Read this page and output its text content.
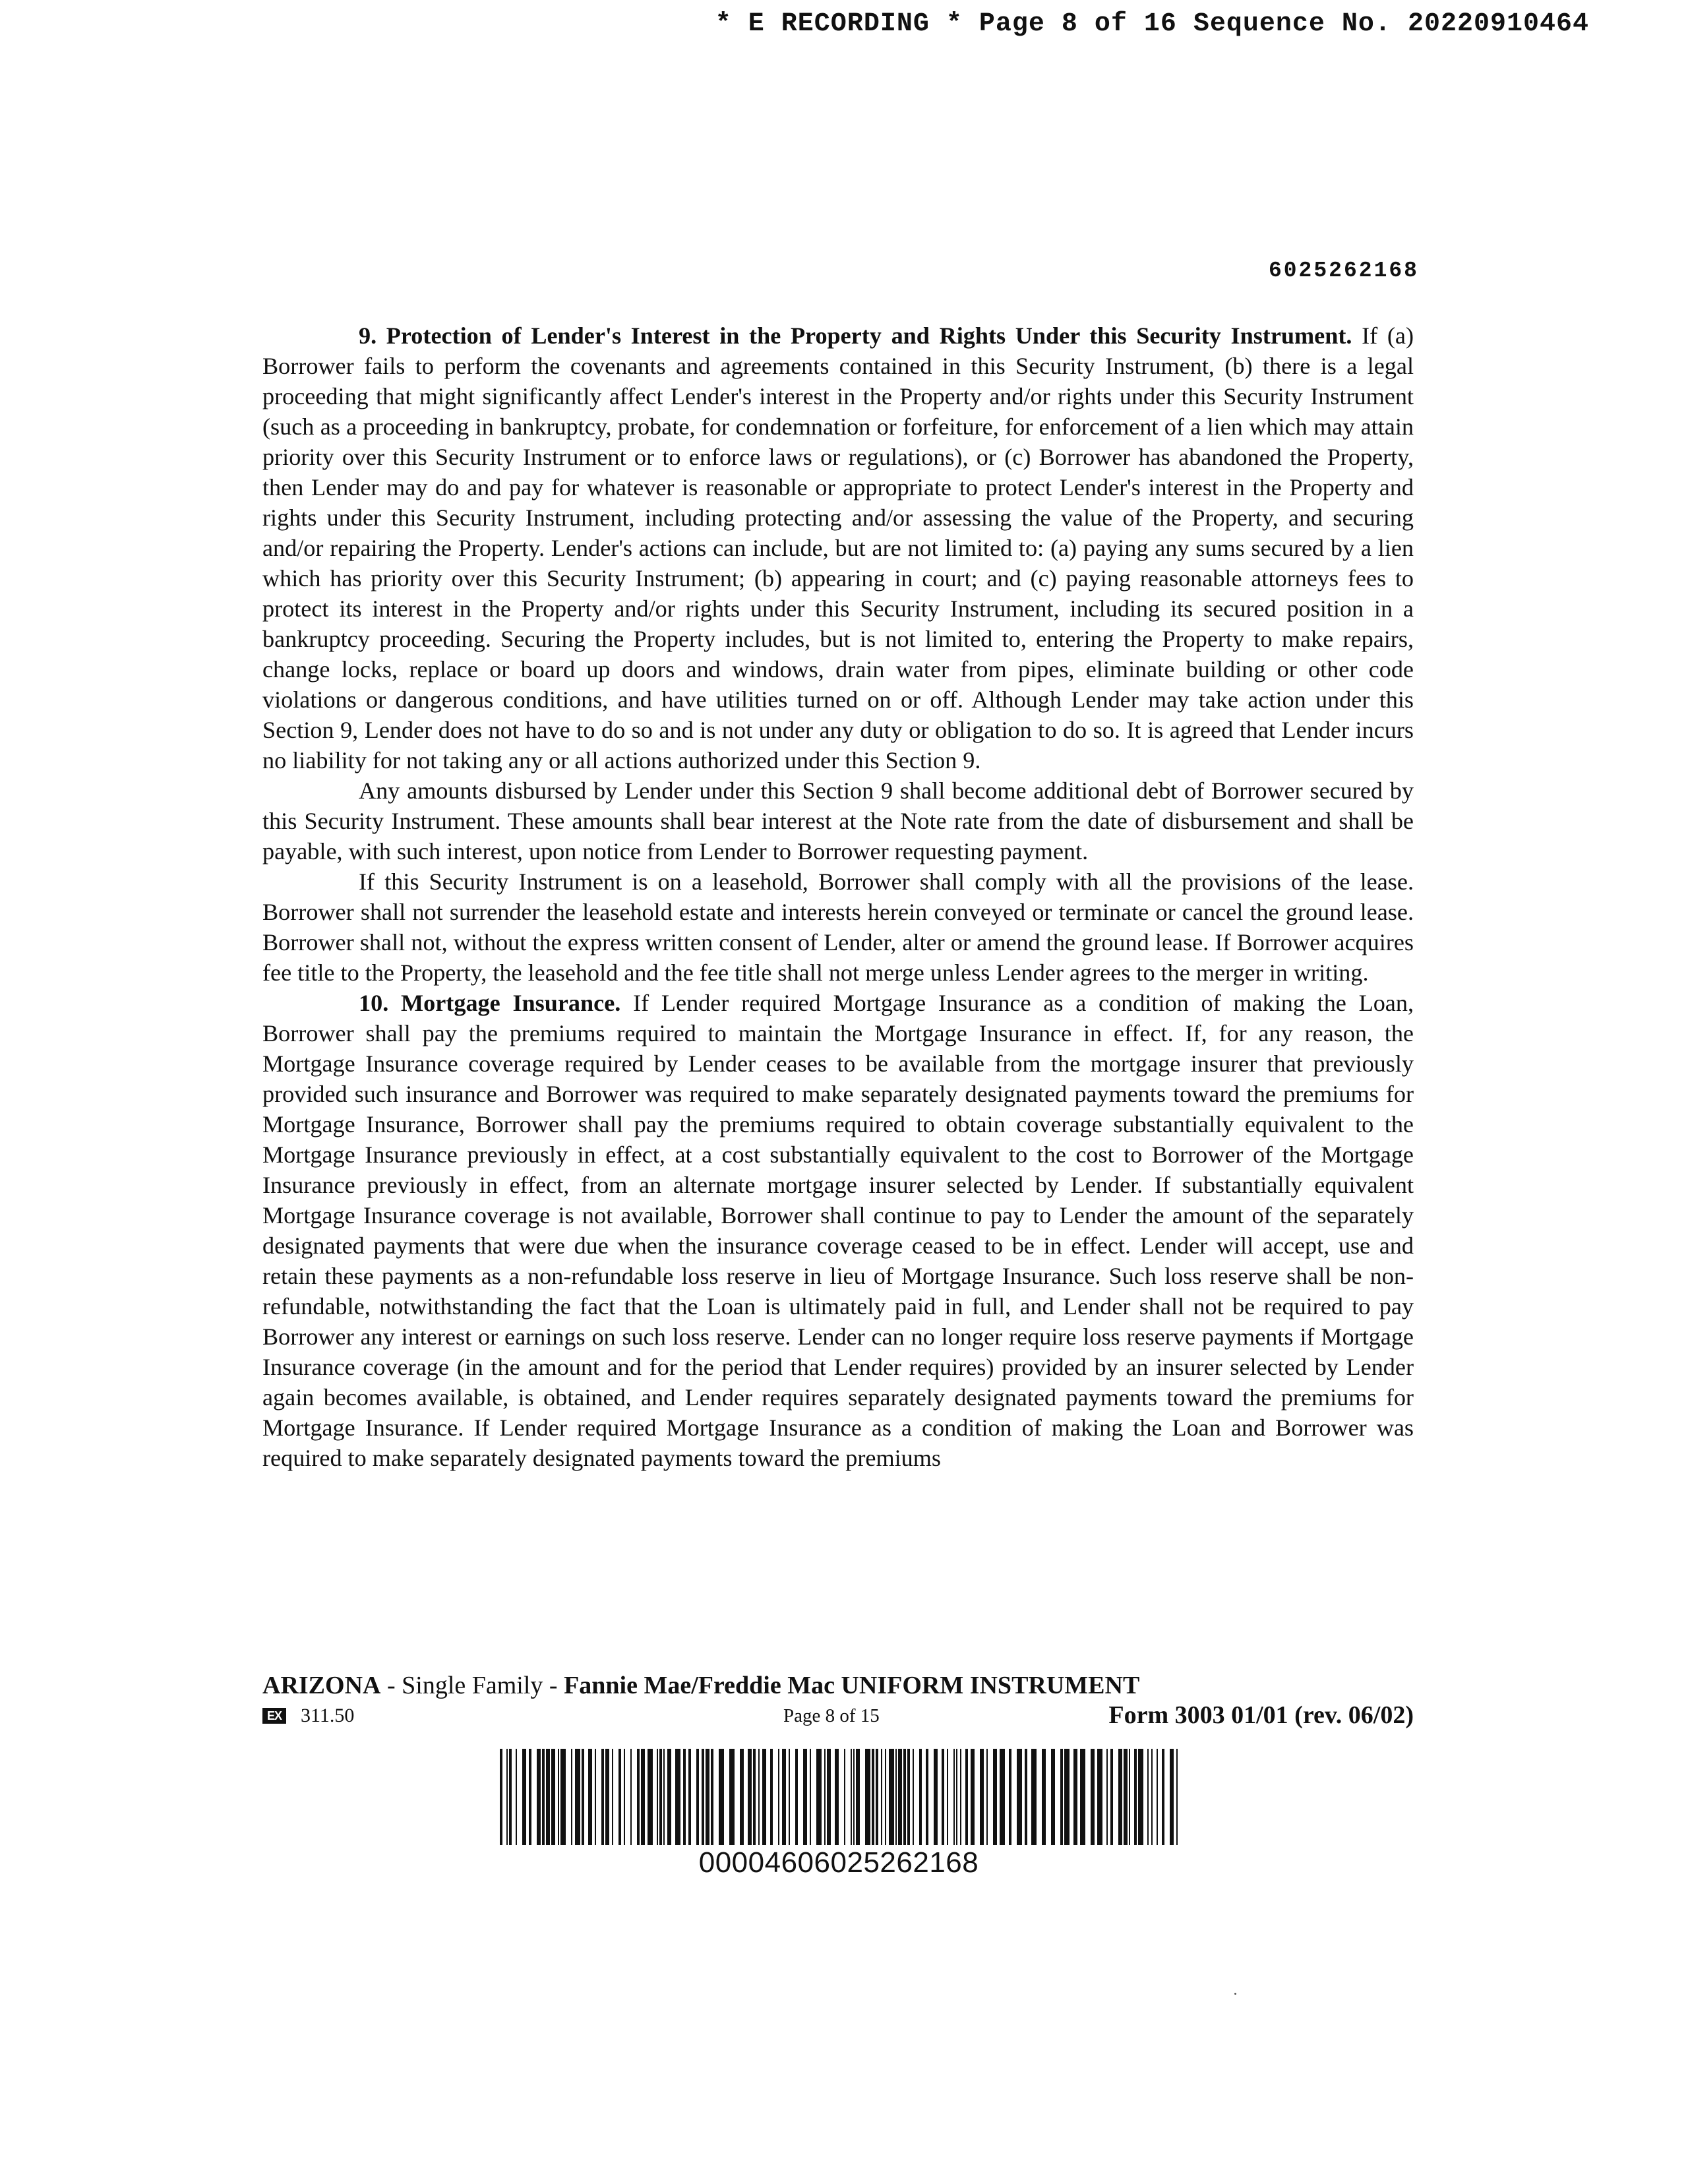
* E RECORDING * Page 8 of 16 Sequence No. 20220910464
6025262168

9. Protection of Lender's Interest in the Property and Rights Under this Security Instrument. If (a) Borrower fails to perform the covenants and agreements contained in this Security Instrument, (b) there is a legal proceeding that might significantly affect Lender's interest in the Property and/or rights under this Security Instrument (such as a proceeding in bankruptcy, probate, for condemnation or forfeiture, for enforcement of a lien which may attain priority over this Security Instrument or to enforce laws or regulations), or (c) Borrower has abandoned the Property, then Lender may do and pay for whatever is reasonable or appropriate to protect Lender's interest in the Property and rights under this Security Instrument, including protecting and/or assessing the value of the Property, and securing and/or repairing the Property. Lender's actions can include, but are not limited to: (a) paying any sums secured by a lien which has priority over this Security Instrument; (b) appearing in court; and (c) paying reasonable attorneys fees to protect its interest in the Property and/or rights under this Security Instrument, including its secured position in a bankruptcy proceeding. Securing the Property includes, but is not limited to, entering the Property to make repairs, change locks, replace or board up doors and windows, drain water from pipes, eliminate building or other code violations or dangerous conditions, and have utilities turned on or off. Although Lender may take action under this Section 9, Lender does not have to do so and is not under any duty or obligation to do so. It is agreed that Lender incurs no liability for not taking any or all actions authorized under this Section 9.

Any amounts disbursed by Lender under this Section 9 shall become additional debt of Borrower secured by this Security Instrument. These amounts shall bear interest at the Note rate from the date of disbursement and shall be payable, with such interest, upon notice from Lender to Borrower requesting payment.

If this Security Instrument is on a leasehold, Borrower shall comply with all the provisions of the lease. Borrower shall not surrender the leasehold estate and interests herein conveyed or terminate or cancel the ground lease. Borrower shall not, without the express written consent of Lender, alter or amend the ground lease. If Borrower acquires fee title to the Property, the leasehold and the fee title shall not merge unless Lender agrees to the merger in writing.

10. Mortgage Insurance. If Lender required Mortgage Insurance as a condition of making the Loan, Borrower shall pay the premiums required to maintain the Mortgage Insurance in effect. If, for any reason, the Mortgage Insurance coverage required by Lender ceases to be available from the mortgage insurer that previously provided such insurance and Borrower was required to make separately designated payments toward the premiums for Mortgage Insurance, Borrower shall pay the premiums required to obtain coverage substantially equivalent to the Mortgage Insurance previously in effect, at a cost substantially equivalent to the cost to Borrower of the Mortgage Insurance previously in effect, from an alternate mortgage insurer selected by Lender. If substantially equivalent Mortgage Insurance coverage is not available, Borrower shall continue to pay to Lender the amount of the separately designated payments that were due when the insurance coverage ceased to be in effect. Lender will accept, use and retain these payments as a non-refundable loss reserve in lieu of Mortgage Insurance. Such loss reserve shall be non-refundable, notwithstanding the fact that the Loan is ultimately paid in full, and Lender shall not be required to pay Borrower any interest or earnings on such loss reserve. Lender can no longer require loss reserve payments if Mortgage Insurance coverage (in the amount and for the period that Lender requires) provided by an insurer selected by Lender again becomes available, is obtained, and Lender requires separately designated payments toward the premiums for Mortgage Insurance. If Lender required Mortgage Insurance as a condition of making the Loan and Borrower was required to make separately designated payments toward the premiums

ARIZONA - Single Family - Fannie Mae/Freddie Mac UNIFORM INSTRUMENT
EX 311.50	Page 8 of 15	Form 3003 01/01 (rev. 06/02)
00004606025262168
